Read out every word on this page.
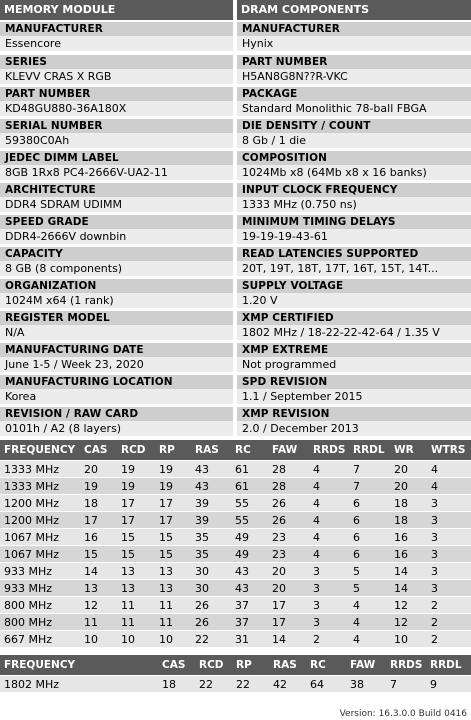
MEMORY MODULE	DRAM COMPONENTS
MANUFACTURER
Essencore
SERIES
KLEVV CRAS X RGB
PART NUMBER
KD48GU880-36A180X
SERIAL NUMBER
59380C0Ah
JEDEC DIMM LABEL
8GB 1Rx8 PC4-2666V-UA2-11
ARCHITECTURE
DDR4 SDRAM UDIMM
SPEED GRADE
DDR4-2666V downbin
CAPACITY
8 GB (8 components)
ORGANIZATION
1024M x64 (1 rank)
REGISTER MODEL
N/A
MANUFACTURING DATE
June 1-5 / Week 23, 2020
MANUFACTURING LOCATION
Korea
REVISION / RAW CARD
0101h / A2 (8 layers)
MANUFACTURER
Hynix
PART NUMBER
H5AN8G8N??R-VKC
PACKAGE
Standard Monolithic 78-ball FBGA
DIE DENSITY / COUNT
8 Gb / 1 die
COMPOSITION
1024Mb x8 (64Mb x8 x 16 banks)
INPUT CLOCK FREQUENCY
1333 MHz (0.750 ns)
MINIMUM TIMING DELAYS
19-19-19-43-61
READ LATENCIES SUPPORTED
20T, 19T, 18T, 17T, 16T, 15T, 14T...
SUPPLY VOLTAGE
1.20 V
XMP CERTIFIED
1802 MHz / 18-22-22-42-64 / 1.35 V
XMP EXTREME
Not programmed
SPD REVISION
1.1 / September 2015
XMP REVISION
2.0 / December 2013
FREQUENCY	CAS	RCD	RP	RAS	RC	FAW	RRDS	RRDL	WR	WTRS
1333 MHz	20	19	19	43	61	28	4	7	20	4
1333 MHz	19	19	19	43	61	28	4	7	20	4
1200 MHz	18	17	17	39	55	26	4	6	18	3
1200 MHz	17	17	17	39	55	26	4	6	18	3
1067 MHz	16	15	15	35	49	23	4	6	16	3
1067 MHz	15	15	15	35	49	23	4	6	16	3
933 MHz	14	13	13	30	43	20	3	5	14	3
933 MHz	13	13	13	30	43	20	3	5	14	3
800 MHz	12	11	11	26	37	17	3	4	12	2
800 MHz	11	11	11	26	37	17	3	4	12	2
667 MHz	10	10	10	22	31	14	2	4	10	2
FREQUENCY	CAS	RCD	RP	RAS	RC	FAW	RRDS	RRDL
1802 MHz	18	22	22	42	64	38	7	9
Version: 16.3.0.0 Build 0416
